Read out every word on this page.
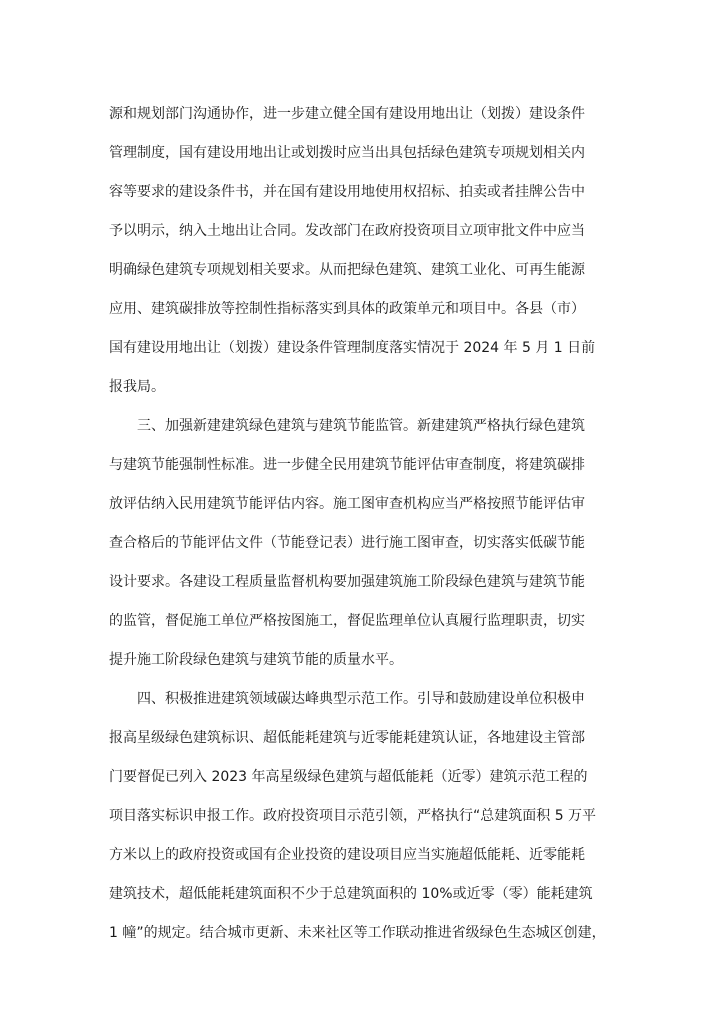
源和规划部门沟通协作，进一步建立健全国有建设用地出让（划拨）建设条件
管理制度，国有建设用地出让或划拨时应当出具包括绿色建筑专项规划相关内
容等要求的建设条件书，并在国有建设用地使用权招标、拍卖或者挂牌公告中
予以明示，纳入土地出让合同。发改部门在政府投资项目立项审批文件中应当
明确绿色建筑专项规划相关要求。从而把绿色建筑、建筑工业化、可再生能源
应用、建筑碳排放等控制性指标落实到具体的政策单元和项目中。各县（市）
国有建设用地出让（划拨）建设条件管理制度落实情况于 2024 年 5 月 1 日前
报我局。
三、加强新建建筑绿色建筑与建筑节能监管。新建建筑严格执行绿色建筑
与建筑节能强制性标准。进一步健全民用建筑节能评估审查制度，将建筑碳排
放评估纳入民用建筑节能评估内容。施工图审查机构应当严格按照节能评估审
查合格后的节能评估文件（节能登记表）进行施工图审查，切实落实低碳节能
设计要求。各建设工程质量监督机构要加强建筑施工阶段绿色建筑与建筑节能
的监管，督促施工单位严格按图施工，督促监理单位认真履行监理职责，切实
提升施工阶段绿色建筑与建筑节能的质量水平。
四、积极推进建筑领域碳达峰典型示范工作。引导和鼓励建设单位积极申
报高星级绿色建筑标识、超低能耗建筑与近零能耗建筑认证，各地建设主管部
门要督促已列入 2023 年高星级绿色建筑与超低能耗（近零）建筑示范工程的
项目落实标识申报工作。政府投资项目示范引领，严格执行“总建筑面积 5 万平
方米以上的政府投资或国有企业投资的建设项目应当实施超低能耗、近零能耗
建筑技术，超低能耗建筑面积不少于总建筑面积的 10%或近零（零）能耗建筑
1 幢”的规定。结合城市更新、未来社区等工作联动推进省级绿色生态城区创建，
